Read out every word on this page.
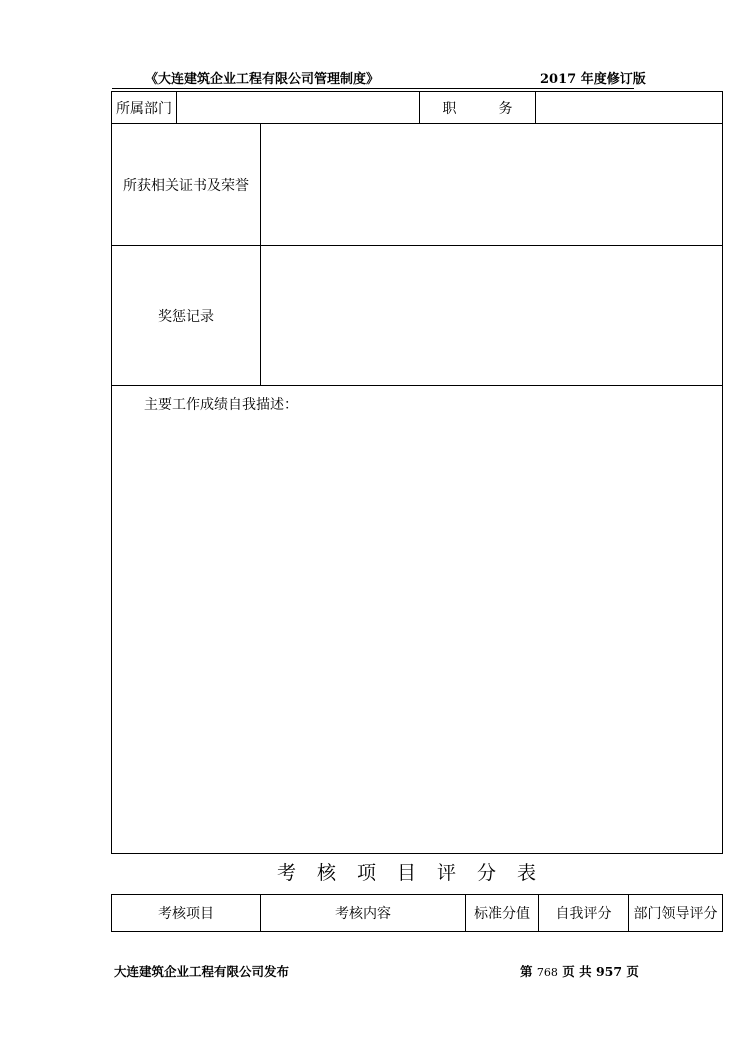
《大连建筑企业工程有限公司管理制度》	2017 年度修订版
所属部门	职　　　务
所获相关证书及荣誉
奖惩记录
主要工作成绩自我描述：
考核项目评分表
考核项目	考核内容	标准分值	自我评分	部门领导评分
大连建筑企业工程有限公司发布	第 768 页 共 957 页
